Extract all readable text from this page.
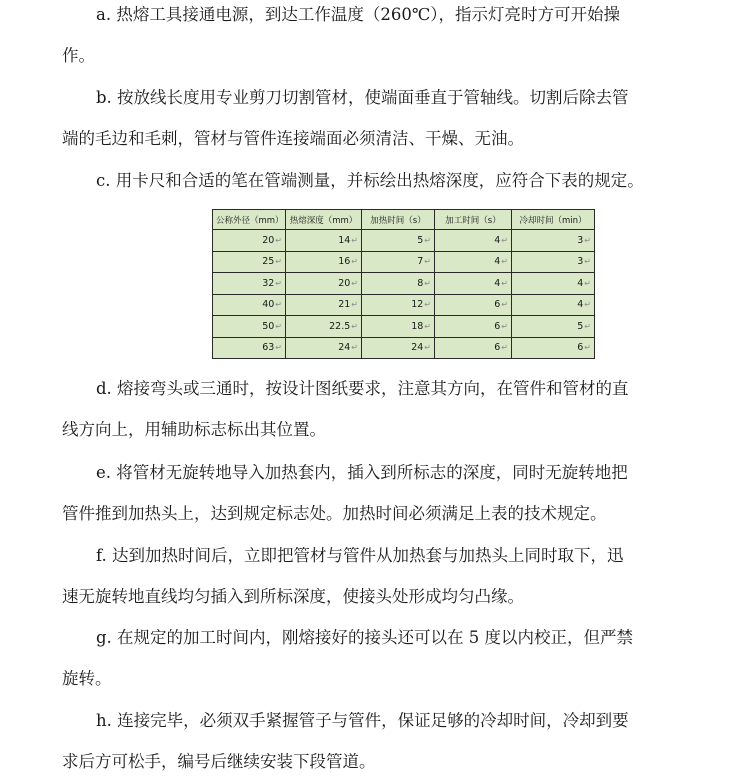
a. 热熔工具接通电源，到达工作温度（260℃），指示灯亮时方可开始操
作。
b. 按放线长度用专业剪刀切割管材，使端面垂直于管轴线。切割后除去管
端的毛边和毛刺，管材与管件连接端面必须清洁、干燥、无油。
c. 用卡尺和合适的笔在管端测量，并标绘出热熔深度，应符合下表的规定。
公称外径（mm）	热熔深度（mm）	加热时间（s）	加工时间（s）	冷却时间（min）
20↵	14↵	5↵	4↵	3↵
25↵	16↵	7↵	4↵	3↵
32↵	20↵	8↵	4↵	4↵
40↵	21↵	12↵	6↵	4↵
50↵	22.5↵	18↵	6↵	5↵
63↵	24↵	24↵	6↵	6↵
d. 熔接弯头或三通时，按设计图纸要求，注意其方向，在管件和管材的直
线方向上，用辅助标志标出其位置。
e. 将管材无旋转地导入加热套内，插入到所标志的深度，同时无旋转地把
管件推到加热头上，达到规定标志处。加热时间必须满足上表的技术规定。
f. 达到加热时间后，立即把管材与管件从加热套与加热头上同时取下，迅
速无旋转地直线均匀插入到所标深度，使接头处形成均匀凸缘。
g. 在规定的加工时间内，刚熔接好的接头还可以在 5 度以内校正，但严禁
旋转。
h. 连接完毕，必须双手紧握管子与管件，保证足够的冷却时间，冷却到要
求后方可松手，编号后继续安装下段管道。
